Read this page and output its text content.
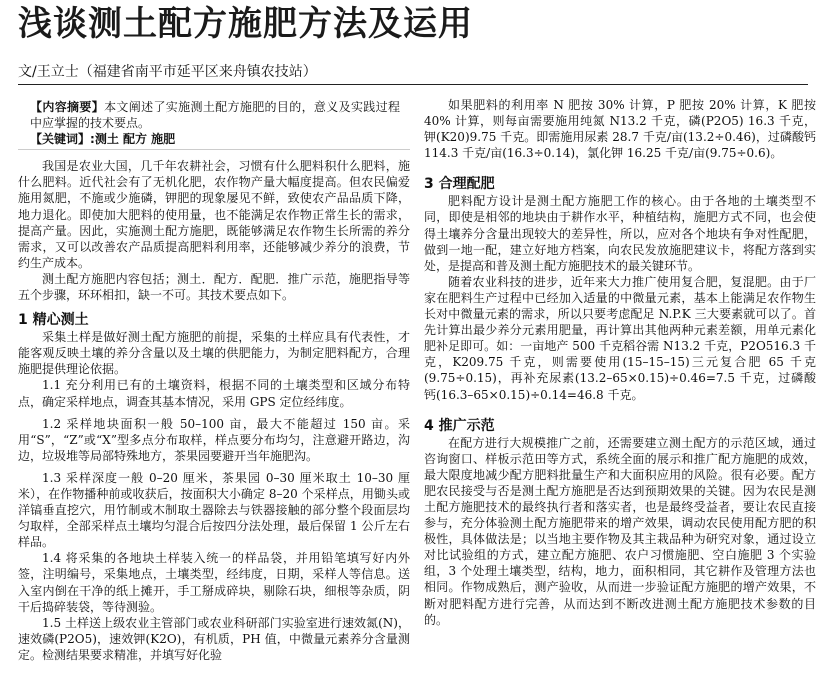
浅谈测土配方施肥方法及运用
文/王立士（福建省南平市延平区来舟镇农技站）

【内容摘要】本文阐述了实施测土配方施肥的目的，意义及实践过程中应掌握的技术要点。

【关键词】:测土 配方 施肥

我国是农业大国，几千年农耕社会，习惯有什么肥料积什么肥料，施什么肥料。近代社会有了无机化肥，农作物产量大幅度提高。但农民偏爱施用氮肥，不施或少施磷，钾肥的现象屡见不鲜，致使农产品品质下降，地力退化。即使加大肥料的使用量，也不能满足农作物正常生长的需求，提高产量。因此，实施测土配方施肥，既能够满足农作物生长所需的养分需求，又可以改善农产品质提高肥料利用率，还能够减少养分的浪费，节约生产成本。

测土配方施肥内容包括；测土．配方．配肥．推广示范，施肥指导等五个步骤，环环相扣，缺一不可。其技术要点如下。

1 精心测土

采集土样是做好测土配方施肥的前提，采集的土样应具有代表性，才能客观反映土壤的养分含量以及土壤的供肥能力，为制定肥料配方，合理施肥提供理论依据。

1.1 充分利用已有的土壤资料，根据不同的土壤类型和区域分布特点，确定采样地点，调查其基本情况，采用 GPS 定位经纬度。

1.2 采样地块面积一般 50–100 亩，最大不能超过 150 亩。采用“S”，“Z”或“X”型多点分布取样，样点要分布均匀，注意避开路边，沟边，垃圾堆等局部特殊地方，茶果园要避开当年施肥沟。

1.3 采样深度一般 0–20 厘米，茶果园 0–30 厘米取土 10–30 厘米），在作物播种前或收获后，按面积大小确定 8–20 个采样点，用锄头或洋镐垂直挖穴，用竹制或木制取土器除去与铁器接触的部分整个段面层均匀取样，全部采样点土壤均匀混合后按四分法处理，最后保留 1 公斤左右样品。

1.4 将采集的各地块土样装入统一的样品袋，并用铅笔填写好内外签，注明编号，采集地点，土壤类型，经纬度，日期，采样人等信息。送入室内倒在干净的纸上摊开，手工掰成碎块，剔除石块，细根等杂质，阴干后捣碎装袋，等待测验。

1.5 土样送上级农业主管部门或农业科研部门实验室进行速效氮(N)，速效磷(P2O5)，速效钾(K2O)，有机质，PH 值，中微量元素养分含量测定。检测结果要求精准，并填写好化验

如果肥料的利用率 N 肥按 30% 计算，P 肥按 20% 计算，K 肥按 40% 计算，则每亩需要施用纯氮 N13.2 千克，磷(P2O5) 16.3 千克，钾(K20)9.75 千克。即需施用尿素 28.7 千克/亩(13.2÷0.46)，过磷酸钙 114.3 千克/亩(16.3÷0.14)，氯化钾 16.25 千克/亩(9.75÷0.6)。

3 合理配肥

肥料配方设计是测土配方施肥工作的核心。由于各地的土壤类型不同，即使是相邻的地块由于耕作水平，种植结构，施肥方式不同，也会使得土壤养分含量出现较大的差异性，所以，应对各个地块有争对性配肥，做到一地一配，建立好地方档案，向农民发放施肥建议卡，将配方落到实处，是提高和普及测土配方施肥技术的最关键环节。

随着农业科技的进步，近年来大力推广使用复合肥，复混肥。由于厂家在肥料生产过程中已经加入适量的中微量元素，基本上能满足农作物生长对中微量元素的需求，所以只要考虑配足 N.P.K 三大要素就可以了。首先计算出最少养分元素用肥量，再计算出其他两种元素差额，用单元素化肥补足即可。如：一亩地产 500 千克稻谷需 N13.2 千克，P2O516.3 千克，K209.75 千克，则需要使用(15–15–15)三元复合肥 65 千克(9.75÷0.15)，再补充尿素(13.2–65×0.15)÷0.46=7.5 千克，过磷酸钙(16.3–65×0.15)÷0.14=46.8 千克。

4 推广示范

在配方进行大规模推广之前，还需要建立测土配方的示范区域，通过咨询窗口、样板示范田等方式，系统全面的展示和推广配方施肥的成效，最大限度地减少配方肥料批量生产和大面积应用的风险。很有必要。配方肥农民接受与否是测土配方施肥是否达到预期效果的关键。因为农民是测土配方施肥技术的最终执行者和落实者，也是最终受益者，要让农民直接参与，充分体验测土配方施肥带来的增产效果，调动农民使用配方肥的积极性，具体做法是；以当地主要作物及其主栽品种为研究对象，通过设立对比试验组的方式，建立配方施肥、农户习惯施肥、空白施肥 3 个实验组，3 个处理土壤类型，结构，地力，面积相同，其它耕作及管理方法也相同。作物成熟后，测产验收，从而进一步验证配方施肥的增产效果，不断对肥料配方进行完善，从而达到不断改进测土配方施肥技术参数的目的。
